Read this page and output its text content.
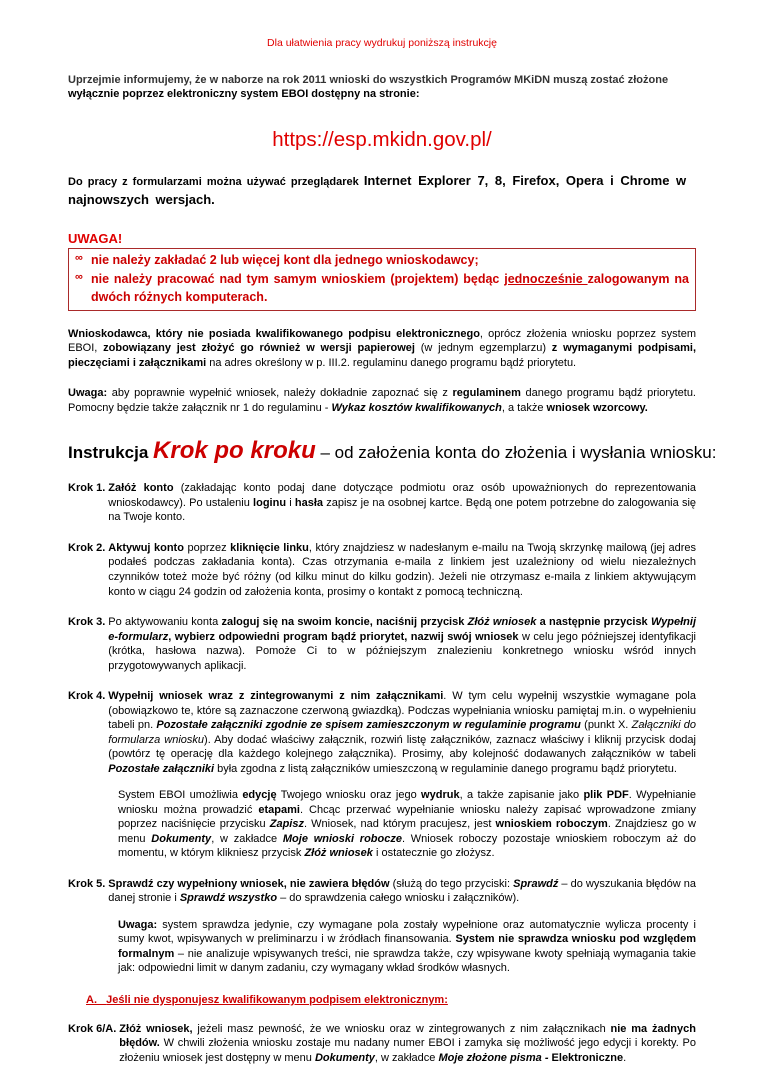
Dla ułatwienia pracy wydrukuj poniższą instrukcję

Uprzejmie informujemy, że w naborze na rok 2011 wnioski do wszystkich Programów MKiDN muszą zostać złożone
wyłącznie poprzez elektroniczny system EBOI dostępny na stronie:

https://esp.mkidn.gov.pl/

Do pracy z formularzami można używać przeglądarek Internet Explorer 7, 8, Firefox, Opera i Chrome w najnowszych wersjach.

UWAGA!
∞ nie należy zakładać 2 lub więcej kont dla jednego wnioskodawcy;
∞ nie należy pracować nad tym samym wnioskiem (projektem) będąc jednocześnie zalogowanym na dwóch różnych komputerach.

Wnioskodawca, który nie posiada kwalifikowanego podpisu elektronicznego, oprócz złożenia wniosku poprzez system EBOI, zobowiązany jest złożyć go również w wersji papierowej (w jednym egzemplarzu) z wymaganymi podpisami, pieczęciami i załącznikami na adres określony w p. III.2. regulaminu danego programu bądź priorytetu.

Uwaga: aby poprawnie wypełnić wniosek, należy dokładnie zapoznać się z regulaminem danego programu bądź priorytetu. Pomocny będzie także załącznik nr 1 do regulaminu - Wykaz kosztów kwalifikowanych, a także wniosek wzorcowy.

Instrukcja Krok po kroku – od założenia konta do złożenia i wysłania wniosku:
Krok 1. Załóż konto (zakładając konto podaj dane dotyczące podmiotu oraz osób upoważnionych do reprezentowania wnioskodawcy). Po ustaleniu loginu i hasła zapisz je na osobnej kartce. Będą one potem potrzebne do zalogowania się na Twoje konto.
Krok 2. Aktywuj konto poprzez kliknięcie linku, który znajdziesz w nadesłanym e-mailu na Twoją skrzynkę mailową (jej adres podałeś podczas zakładania konta). Czas otrzymania e-maila z linkiem jest uzależniony od wielu niezależnych czynników toteż może być różny (od kilku minut do kilku godzin). Jeżeli nie otrzymasz e-maila z linkiem aktywującym konto w ciągu 24 godzin od założenia konta, prosimy o kontakt z pomocą techniczną.
Krok 3. Po aktywowaniu konta zaloguj się na swoim koncie, naciśnij przycisk Złóż wniosek a następnie przycisk Wypełnij e-formularz, wybierz odpowiedni program bądź priorytet, nazwij swój wniosek w celu jego późniejszej identyfikacji (krótka, hasłowa nazwa). Pomoże Ci to w późniejszym znalezieniu konkretnego wniosku wśród innych przygotowywanych aplikacji.
Krok 4. Wypełnij wniosek wraz z zintegrowanymi z nim załącznikami. W tym celu wypełnij wszystkie wymagane pola (obowiązkowo te, które są zaznaczone czerwoną gwiazdką). Podczas wypełniania wniosku pamiętaj m.in. o wypełnieniu tabeli pn. Pozostałe załączniki zgodnie ze spisem zamieszczonym w regulaminie programu (punkt X. Załączniki do formularza wniosku). Aby dodać właściwy załącznik, rozwiń listę załączników, zaznacz właściwy i kliknij przycisk dodaj (powtórz tę operację dla każdego kolejnego załącznika). Prosimy, aby kolejność dodawanych załączników w tabeli Pozostałe załączniki była zgodna z listą załączników umieszczoną w regulaminie danego programu bądź priorytetu.

System EBOI umożliwia edycję Twojego wniosku oraz jego wydruk, a także zapisanie jako plik PDF. Wypełnianie wniosku można prowadzić etapami. Chcąc przerwać wypełnianie wniosku należy zapisać wprowadzone zmiany poprzez naciśnięcie przycisku Zapisz. Wniosek, nad którym pracujesz, jest wnioskiem roboczym. Znajdziesz go w menu Dokumenty, w zakładce Moje wnioski robocze. Wniosek roboczy pozostaje wnioskiem roboczym aż do momentu, w którym klikniesz przycisk Złóż wniosek i ostatecznie go złożysz.

Krok 5. Sprawdź czy wypełniony wniosek, nie zawiera błędów (służą do tego przyciski: Sprawdź – do wyszukania błędów na danej stronie i Sprawdź wszystko – do sprawdzenia całego wniosku i załączników).

Uwaga: system sprawdza jedynie, czy wymagane pola zostały wypełnione oraz automatycznie wylicza procenty i sumy kwot, wpisywanych w preliminarzu i w źródłach finansowania. System nie sprawdza wniosku pod względem formalnym – nie analizuje wpisywanych treści, nie sprawdza także, czy wpisywane kwoty spełniają wymagania takie jak: odpowiedni limit w danym zadaniu, czy wymagany wkład środków własnych.

A. Jeśli nie dysponujesz kwalifikowanym podpisem elektronicznym:
Krok 6/A. Złóż wniosek, jeżeli masz pewność, że we wniosku oraz w zintegrowanych z nim załącznikach nie ma żadnych błędów. W chwili złożenia wniosku zostaje mu nadany numer EBOI i zamyka się możliwość jego edycji i korekty. Po złożeniu wniosek jest dostępny w menu Dokumenty, w zakładce Moje złożone pisma - Elektroniczne.
